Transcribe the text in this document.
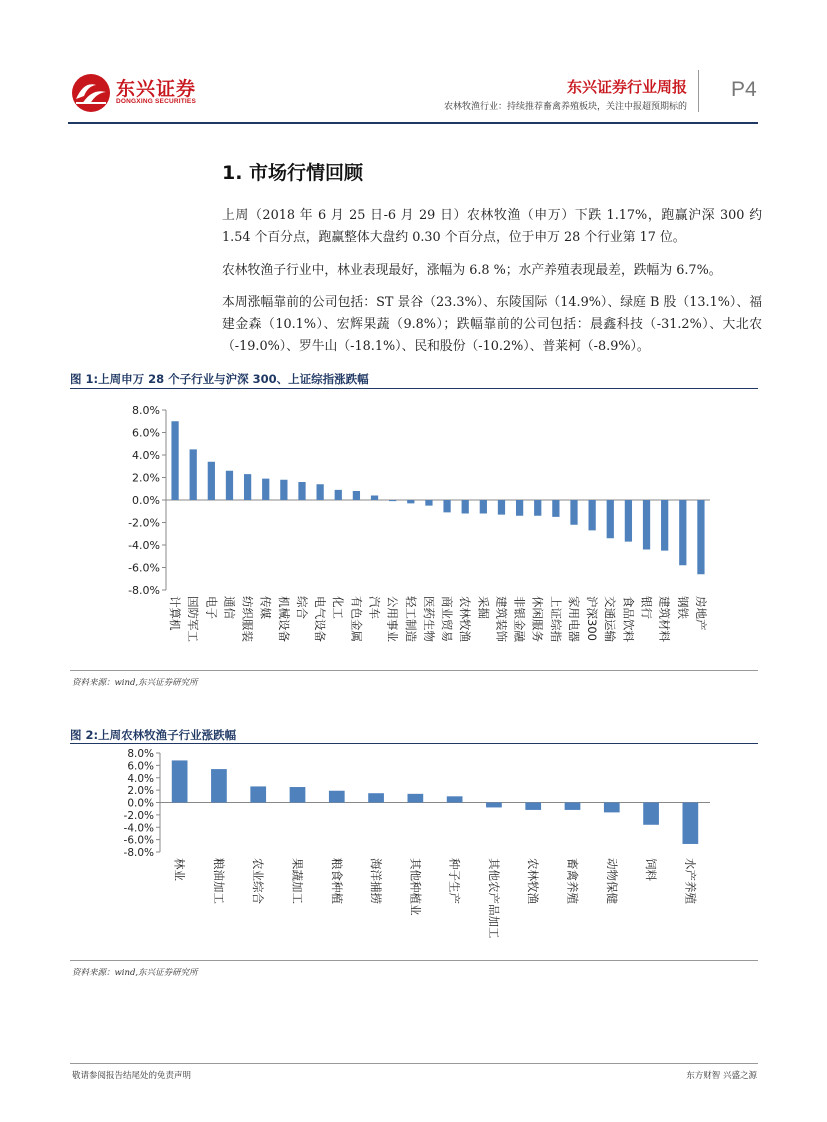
东兴证券
DONGXING SECURITIES
东兴证券行业周报
农林牧渔行业：持续推荐畜禽养殖板块，关注中报超预期标的
P4
1. 市场行情回顾

上周（2018 年 6 月 25 日-6 月 29 日）农林牧渔（申万）下跌 1.17%，跑赢沪深 300 约 1.54 个百分点，跑赢整体大盘约 0.30 个百分点，位于申万 28 个行业第 17 位。

农林牧渔子行业中，林业表现最好，涨幅为 6.8 %；水产养殖表现最差，跌幅为 6.7%。

本周涨幅靠前的公司包括：ST 景谷（23.3%）、东陵国际（14.9%）、绿庭 B 股（13.1%）、福建金森（10.1%）、宏辉果蔬（9.8%）；跌幅靠前的公司包括：晨鑫科技（-31.2%）、大北农（-19.0%）、罗牛山（-18.1%）、民和股份（-10.2%）、普莱柯（-8.9%）。

图 1:上周申万 28 个子行业与沪深 300、上证综指涨跌幅
8.0%
6.0%
4.0%
2.0%
0.0%
-2.0%
-4.0%
-6.0%
-8.0%
计算机 国防军工 电子 通信 纺织服装 传媒 机械设备 综合 电气设备 化工 有色金属 汽车 公用事业 轻工制造 医药生物 商业贸易 农林牧渔 采掘 建筑装饰 非银金融 休闲服务 上证综指 家用电器 沪深300 交通运输 食品饮料 银行 建筑材料 钢铁 房地产
资料来源：wind,东兴证券研究所
图 2:上周农林牧渔子行业涨跌幅
8.0%
6.0%
4.0%
2.0%
0.0%
-2.0%
-4.0%
-6.0%
-8.0%
林业 粮油加工 农业综合 果蔬加工 粮食种植 海洋捕捞 其他种植业 种子生产 其他农产品加工 农林牧渔 畜禽养殖 动物保健 饲料 水产养殖
资料来源：wind,东兴证券研究所
敬请参阅报告结尾处的免责声明	东方财智 兴盛之源
